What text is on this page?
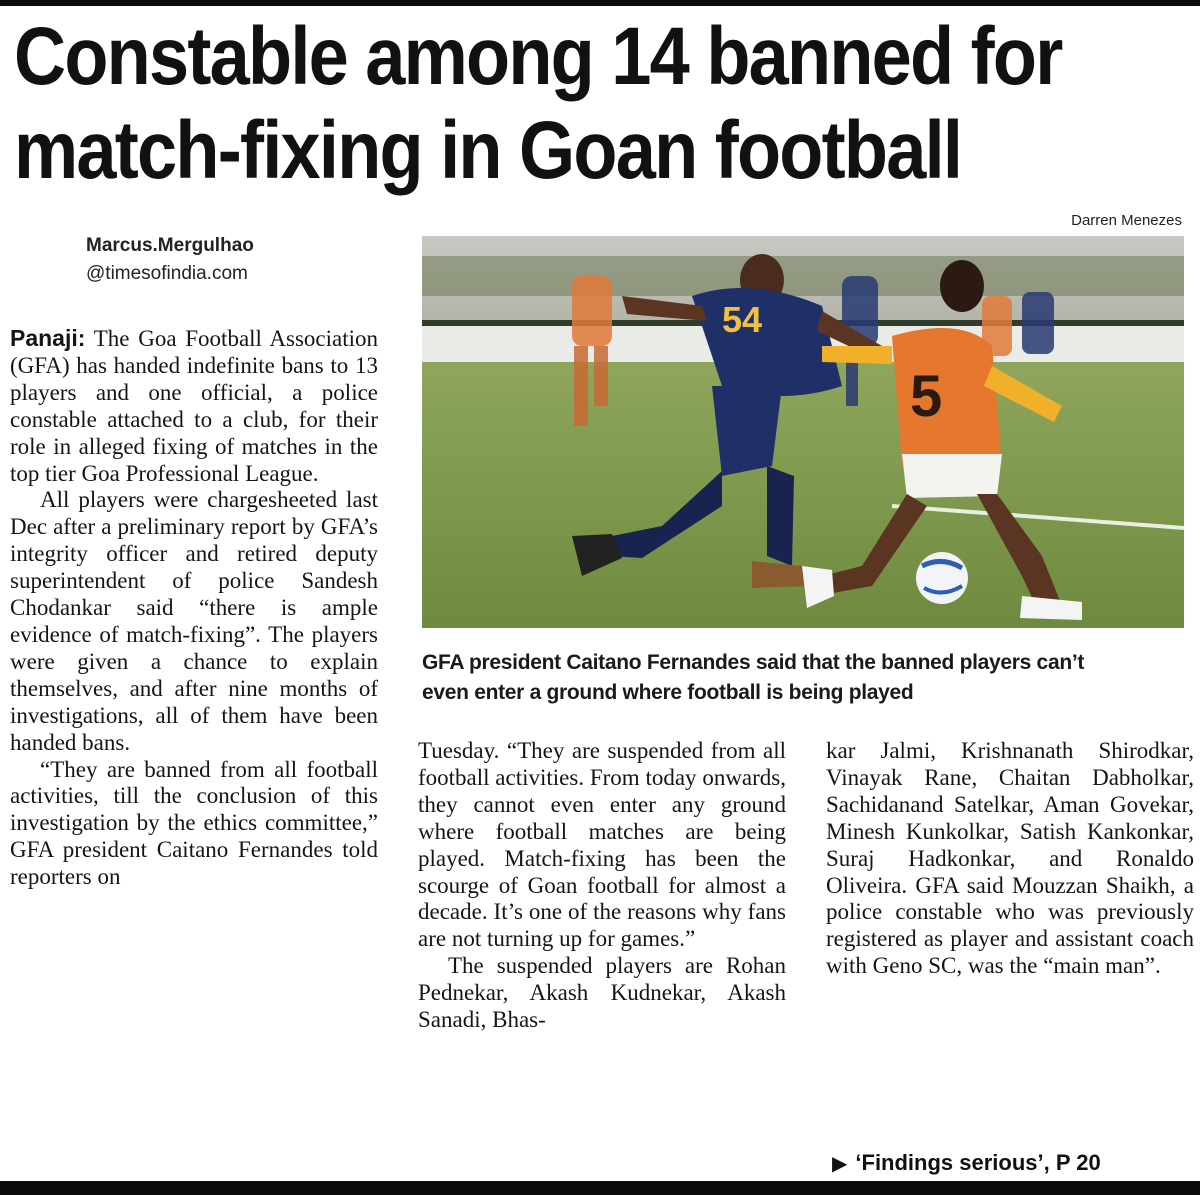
Constable among 14 banned for
match-fixing in Goan football
Darren Menezes
Marcus.Mergulhao
@timesofindia.com
54
5
GFA president Caitano Fernandes said that the banned players can’t
even enter a ground where football is being played

Panaji: The Goa Football Association (GFA) has handed indefinite bans to 13 players and one official, a police constable attached to a club, for their role in alleged fixing of matches in the top tier Goa Professional League.

All players were chargesheeted last Dec after a preliminary report by GFA’s integrity officer and retired deputy superintendent of police Sandesh Chodankar said “there is ample evidence of match-fixing”. The players were given a chance to explain themselves, and after nine months of investigations, all of them have been handed bans.

“They are banned from all football activities, till the conclusion of this investigation by the ethics committee,” GFA president Caitano Fernandes told reporters on

Tuesday. “They are suspended from all football activities. From today onwards, they cannot even enter any ground where football matches are being played. Match-fixing has been the scourge of Goan football for almost a decade. It’s one of the reasons why fans are not turning up for games.”

The suspended players are Rohan Pednekar, Akash Kudnekar, Akash Sanadi, Bhas-

kar Jalmi, Krishnanath Shirodkar, Vinayak Rane, Chaitan Dabholkar, Sachidanand Satelkar, Aman Govekar, Minesh Kunkolkar, Satish Kankonkar, Suraj Hadkonkar, and Ronaldo Oliveira. GFA said Mouzzan Shaikh, a police constable who was previously registered as player and assistant coach with Geno SC, was the “main man”.

▶ ‘Findings serious’, P 20
